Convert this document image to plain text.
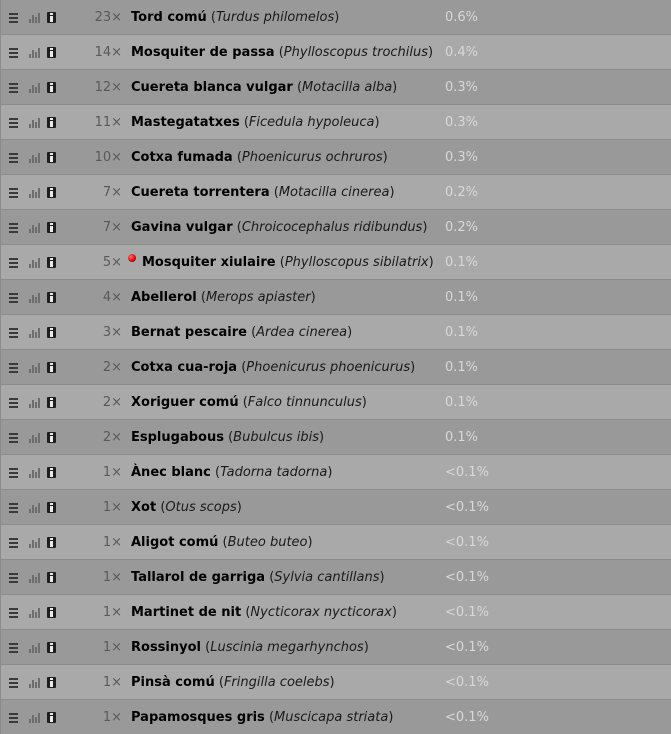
23× Tord comú (Turdus philomelos)	0.6%
14× Mosquiter de passa (Phylloscopus trochilus) 0.4%
12× Cuereta blanca vulgar (Motacilla alba)	0.3%
11× Mastegatatxes (Ficedula hypoleuca)	0.3%
10× Cotxa fumada (Phoenicurus ochruros)	0.3%
7× Cuereta torrentera (Motacilla cinerea)	0.2%
7× Gavina vulgar (Chroicocephalus ridibundus) 0.2%
5×	Mosquiter xiulaire (Phylloscopus sibilatrix) 0.1%
4× Abellerol (Merops apiaster)	0.1%
3× Bernat pescaire (Ardea cinerea)	0.1%
2× Cotxa cua-roja (Phoenicurus phoenicurus) 0.1%
2× Xoriguer comú (Falco tinnunculus)	0.1%
2× Esplugabous (Bubulcus ibis)	0.1%
1× Ànec blanc (Tadorna tadorna)	<0.1%
1× Xot (Otus scops)	<0.1%
1× Aligot comú (Buteo buteo)	<0.1%
1× Tallarol de garriga (Sylvia cantillans)	<0.1%
1× Martinet de nit (Nycticorax nycticorax)	<0.1%
1× Rossinyol (Luscinia megarhynchos)	<0.1%
1× Pinsà comú (Fringilla coelebs)	<0.1%
1× Papamosques gris (Muscicapa striata)	<0.1%
